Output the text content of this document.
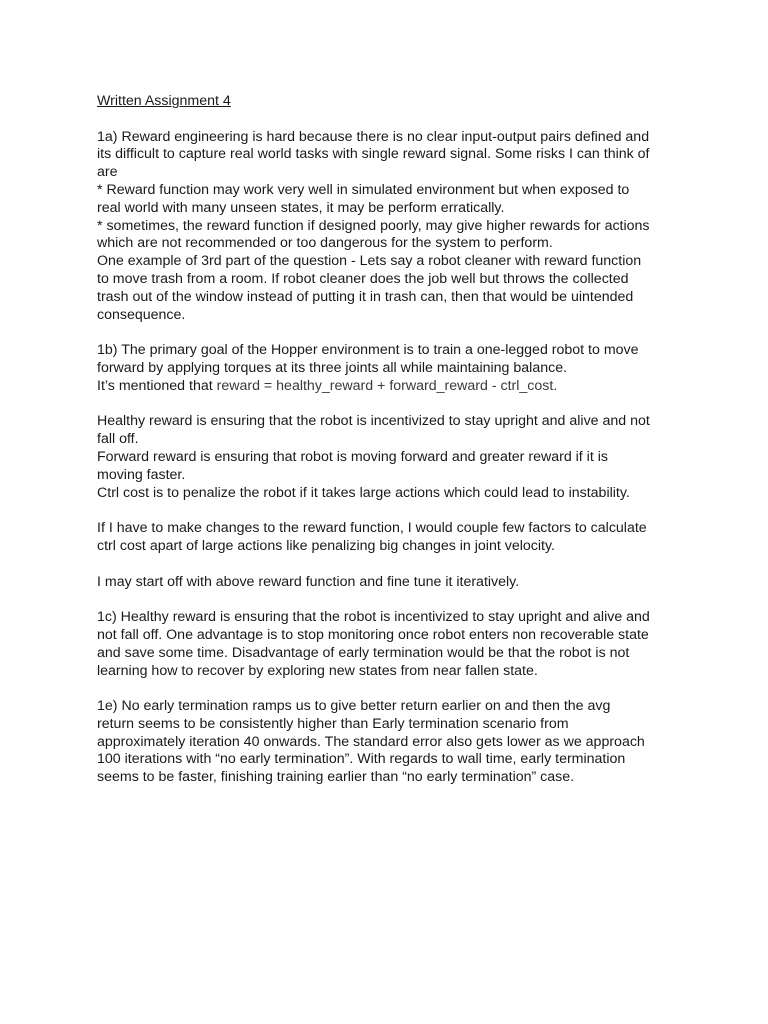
Written Assignment 4
1a) Reward engineering is hard because there is no clear input-output pairs defined and
its difficult to capture real world tasks with single reward signal. Some risks I can think of
are
* Reward function may work very well in simulated environment but when exposed to
real world with many unseen states, it may be perform erratically.
* sometimes, the reward function if designed poorly, may give higher rewards for actions
which are not recommended or too dangerous for the system to perform.
One example of 3rd part of the question - Lets say a robot cleaner with reward function
to move trash from a room. If robot cleaner does the job well but throws the collected
trash out of the window instead of putting it in trash can, then that would be uintended
consequence.
1b) The primary goal of the Hopper environment is to train a one-legged robot to move
forward by applying torques at its three joints all while maintaining balance.
It’s mentioned that reward = healthy_reward + forward_reward - ctrl_cost.
Healthy reward is ensuring that the robot is incentivized to stay upright and alive and not
fall off.
Forward reward is ensuring that robot is moving forward and greater reward if it is
moving faster.
Ctrl cost is to penalize the robot if it takes large actions which could lead to instability.
If I have to make changes to the reward function, I would couple few factors to calculate
ctrl cost apart of large actions like penalizing big changes in joint velocity.
I may start off with above reward function and fine tune it iteratively.
1c) Healthy reward is ensuring that the robot is incentivized to stay upright and alive and
not fall off. One advantage is to stop monitoring once robot enters non recoverable state
and save some time. Disadvantage of early termination would be that the robot is not
learning how to recover by exploring new states from near fallen state.
1e) No early termination ramps us to give better return earlier on and then the avg
return seems to be consistently higher than Early termination scenario from
approximately iteration 40 onwards. The standard error also gets lower as we approach
100 iterations with “no early termination”. With regards to wall time, early termination
seems to be faster, finishing training earlier than “no early termination” case.
